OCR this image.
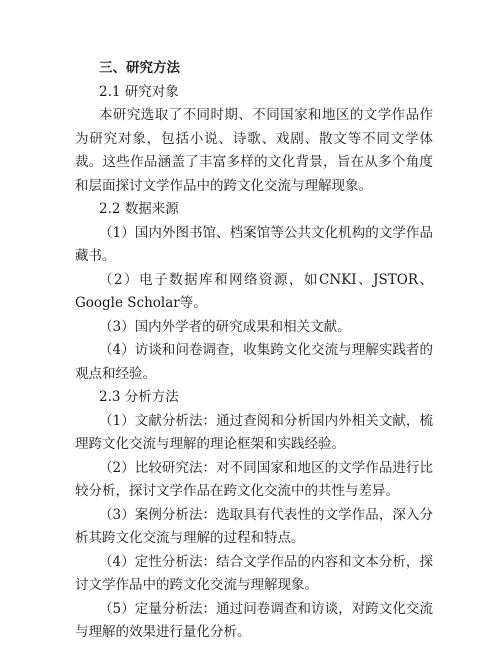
三、研究方法
2.1 研究对象
本研究选取了不同时期、不同国家和地区的文学作品作为研究对象，包括小说、诗歌、戏剧、散文等不同文学体裁。这些作品涵盖了丰富多样的文化背景，旨在从多个角度和层面探讨文学作品中的跨文化交流与理解现象。
2.2 数据来源
（1）国内外图书馆、档案馆等公共文化机构的文学作品藏书。
（2）电子数据库和网络资源，如CNKI、JSTOR、Google Scholar等。
（3）国内外学者的研究成果和相关文献。
（4）访谈和问卷调查，收集跨文化交流与理解实践者的观点和经验。
2.3 分析方法
（1）文献分析法：通过查阅和分析国内外相关文献，梳理跨文化交流与理解的理论框架和实践经验。
（2）比较研究法：对不同国家和地区的文学作品进行比较分析，探讨文学作品在跨文化交流中的共性与差异。
（3）案例分析法：选取具有代表性的文学作品，深入分析其跨文化交流与理解的过程和特点。
（4）定性分析法：结合文学作品的内容和文本分析，探讨文学作品中的跨文化交流与理解现象。
（5）定量分析法：通过问卷调查和访谈，对跨文化交流与理解的效果进行量化分析。
